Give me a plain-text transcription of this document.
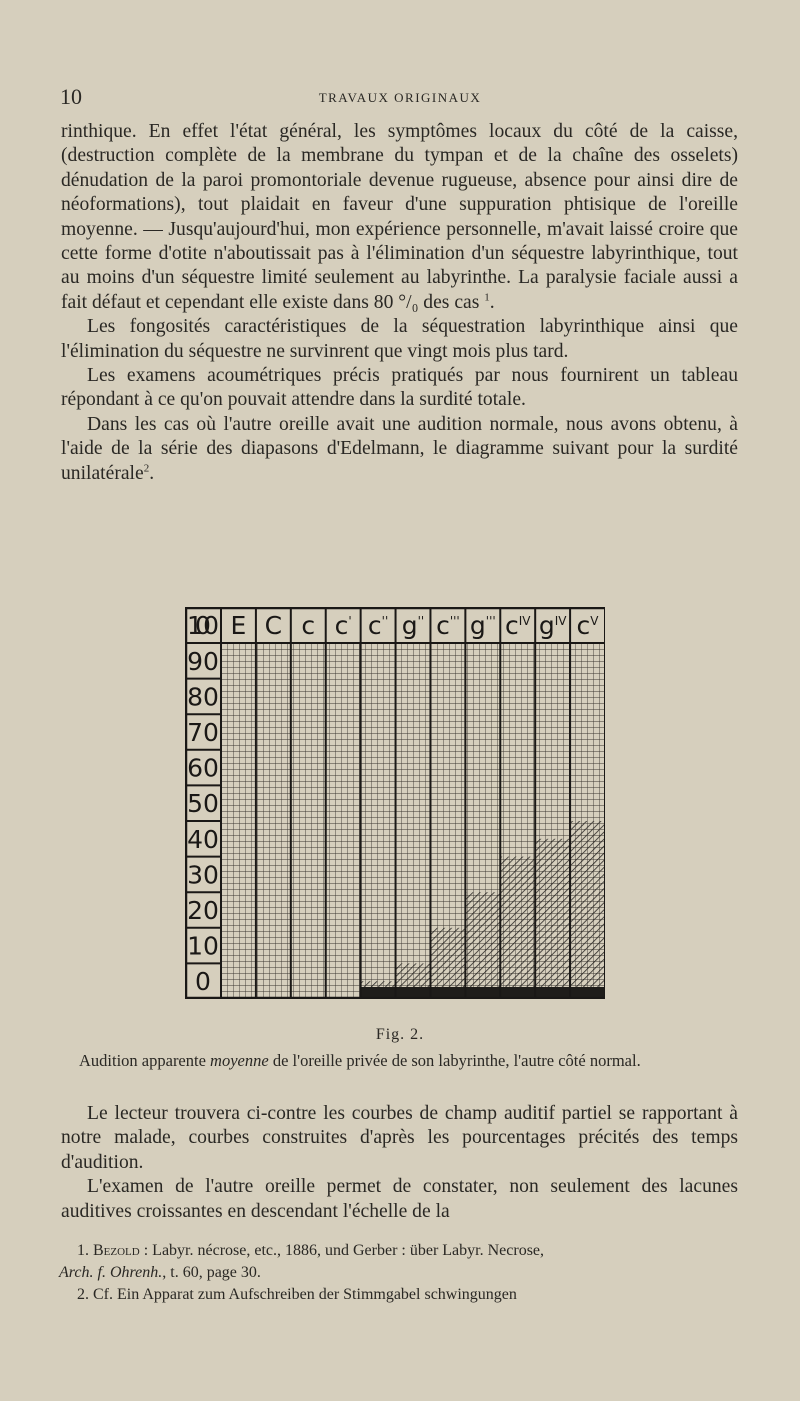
10	TRAVAUX ORIGINAUX

rinthique. En effet l'état général, les symptômes locaux du côté de la caisse, (destruction complète de la membrane du tympan et de la chaîne des osselets) dénudation de la paroi promontoriale devenue rugueuse, absence pour ainsi dire de néoformations), tout plaidait en faveur d'une suppuration phtisique de l'oreille moyenne. — Jusqu'aujourd'hui, mon expérience personnelle, m'avait laissé croire que cette forme d'otite n'aboutissait pas à l'élimination d'un séquestre labyrinthique, tout au moins d'un séquestre limité seulement au labyrinthe. La paralysie faciale aussi a fait défaut et cependant elle existe dans 80 °/₀ des cas $^1$.

Les fongosités caractéristiques de la séquestration labyrinthique ainsi que l'élimination du séquestre ne survinrent que vingt mois plus tard.

Les examens acoumétriques précis pratiqués par nous fournirent un tableau répondant à ce qu'on pouvait attendre dans la surdité totale.

Dans les cas où l'autre oreille avait une audition normale, nous avons obtenu, à l'aide de la série des diapasons d'Edelmann, le diagramme suivant pour la surdité unilatérale$^2$.

100
90
80
70
60
50
40
30
20
10
0
E C c c' c'' g'' c''' g''' $c^{IV}$ $g^{IV}$ $c^V$
Fig. 2.
Audition apparente moyenne de l'oreille privée de son labyrinthe, l'autre côté normal.

Le lecteur trouvera ci-contre les courbes de champ auditif partiel se rapportant à notre malade, courbes construites d'après les pourcentages précités des temps d'audition.

L'examen de l'autre oreille permet de constater, non seulement des lacunes auditives croissantes en descendant l'échelle de la

1. Bezold : Labyr. nécrose, etc., 1886, und Gerber : über Labyr. Necrose,

Arch. f. Ohrenh., t. 60, page 30.

2. Cf. Ein Apparat zum Aufschreiben der Stimmgabel schwingungen
